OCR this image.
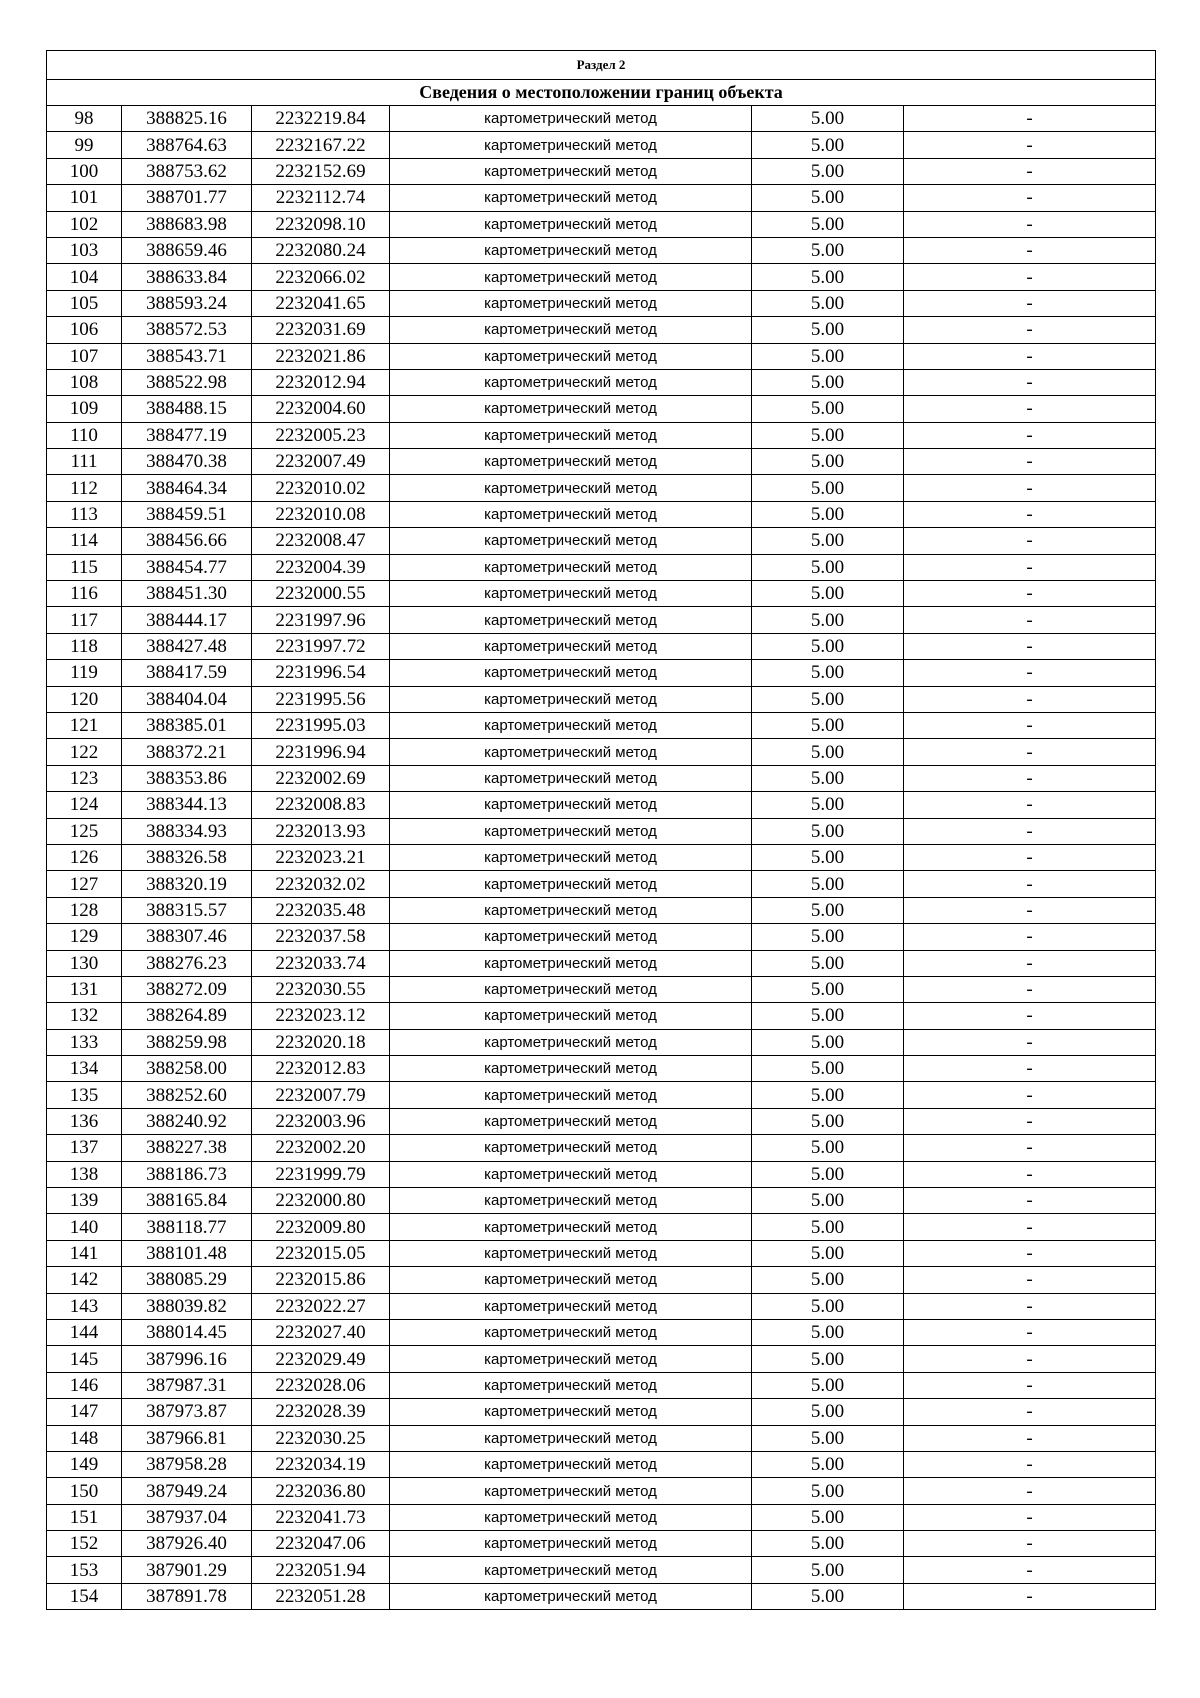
Раздел 2					
Сведения о местоположении границ объекта					
98	388825.16	2232219.84	картометрический метод	5.00	-
99	388764.63	2232167.22	картометрический метод	5.00	-
100	388753.62	2232152.69	картометрический метод	5.00	-
101	388701.77	2232112.74	картометрический метод	5.00	-
102	388683.98	2232098.10	картометрический метод	5.00	-
103	388659.46	2232080.24	картометрический метод	5.00	-
104	388633.84	2232066.02	картометрический метод	5.00	-
105	388593.24	2232041.65	картометрический метод	5.00	-
106	388572.53	2232031.69	картометрический метод	5.00	-
107	388543.71	2232021.86	картометрический метод	5.00	-
108	388522.98	2232012.94	картометрический метод	5.00	-
109	388488.15	2232004.60	картометрический метод	5.00	-
110	388477.19	2232005.23	картометрический метод	5.00	-
111	388470.38	2232007.49	картометрический метод	5.00	-
112	388464.34	2232010.02	картометрический метод	5.00	-
113	388459.51	2232010.08	картометрический метод	5.00	-
114	388456.66	2232008.47	картометрический метод	5.00	-
115	388454.77	2232004.39	картометрический метод	5.00	-
116	388451.30	2232000.55	картометрический метод	5.00	-
117	388444.17	2231997.96	картометрический метод	5.00	-
118	388427.48	2231997.72	картометрический метод	5.00	-
119	388417.59	2231996.54	картометрический метод	5.00	-
120	388404.04	2231995.56	картометрический метод	5.00	-
121	388385.01	2231995.03	картометрический метод	5.00	-
122	388372.21	2231996.94	картометрический метод	5.00	-
123	388353.86	2232002.69	картометрический метод	5.00	-
124	388344.13	2232008.83	картометрический метод	5.00	-
125	388334.93	2232013.93	картометрический метод	5.00	-
126	388326.58	2232023.21	картометрический метод	5.00	-
127	388320.19	2232032.02	картометрический метод	5.00	-
128	388315.57	2232035.48	картометрический метод	5.00	-
129	388307.46	2232037.58	картометрический метод	5.00	-
130	388276.23	2232033.74	картометрический метод	5.00	-
131	388272.09	2232030.55	картометрический метод	5.00	-
132	388264.89	2232023.12	картометрический метод	5.00	-
133	388259.98	2232020.18	картометрический метод	5.00	-
134	388258.00	2232012.83	картометрический метод	5.00	-
135	388252.60	2232007.79	картометрический метод	5.00	-
136	388240.92	2232003.96	картометрический метод	5.00	-
137	388227.38	2232002.20	картометрический метод	5.00	-
138	388186.73	2231999.79	картометрический метод	5.00	-
139	388165.84	2232000.80	картометрический метод	5.00	-
140	388118.77	2232009.80	картометрический метод	5.00	-
141	388101.48	2232015.05	картометрический метод	5.00	-
142	388085.29	2232015.86	картометрический метод	5.00	-
143	388039.82	2232022.27	картометрический метод	5.00	-
144	388014.45	2232027.40	картометрический метод	5.00	-
145	387996.16	2232029.49	картометрический метод	5.00	-
146	387987.31	2232028.06	картометрический метод	5.00	-
147	387973.87	2232028.39	картометрический метод	5.00	-
148	387966.81	2232030.25	картометрический метод	5.00	-
149	387958.28	2232034.19	картометрический метод	5.00	-
150	387949.24	2232036.80	картометрический метод	5.00	-
151	387937.04	2232041.73	картометрический метод	5.00	-
152	387926.40	2232047.06	картометрический метод	5.00	-
153	387901.29	2232051.94	картометрический метод	5.00	-
154	387891.78	2232051.28	картометрический метод	5.00	-
